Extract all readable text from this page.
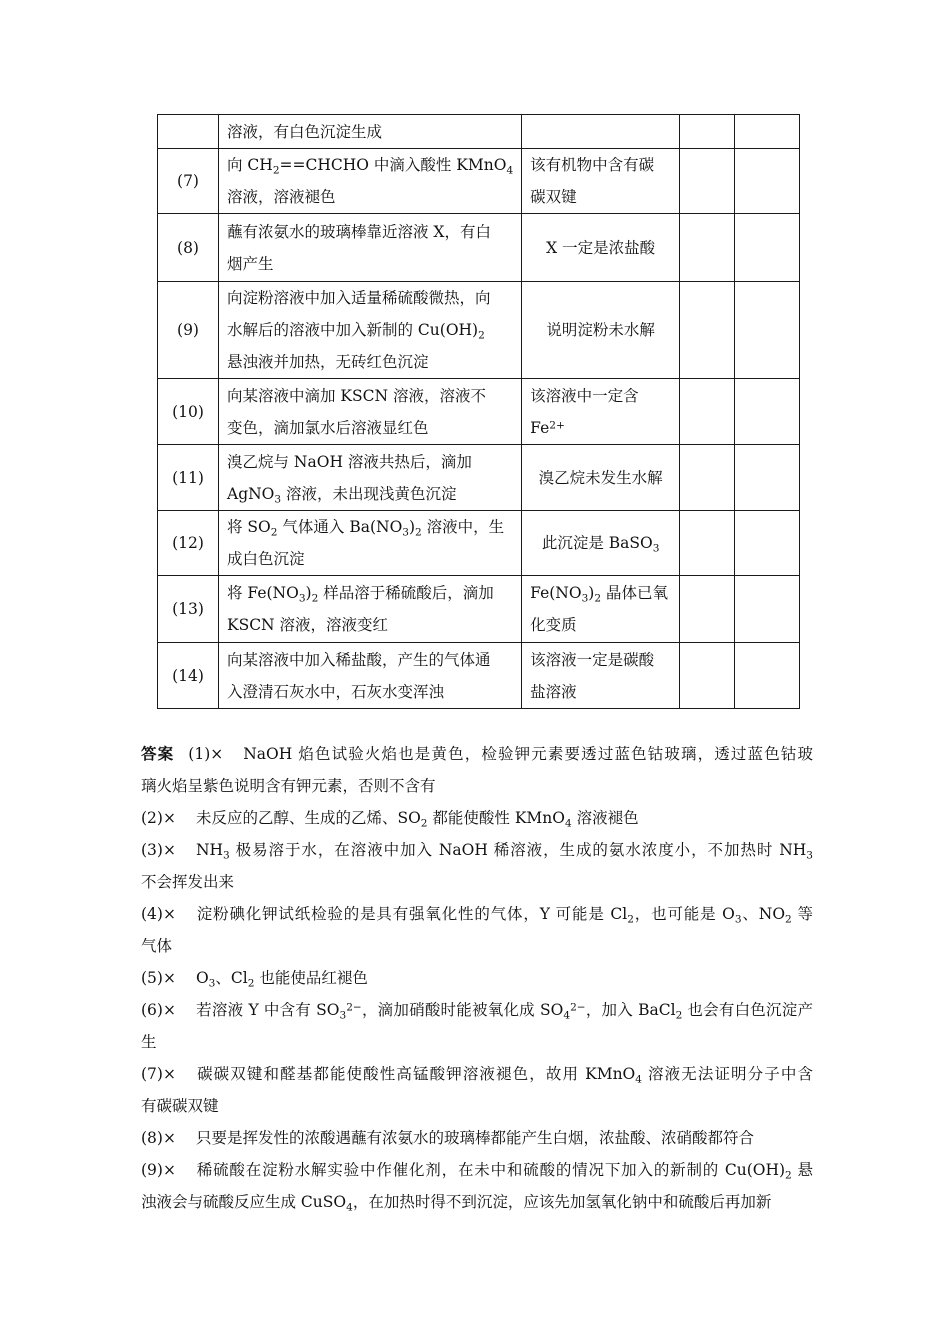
	溶液，有白色沉淀生成			

(7)	向 $CH_2==CHCHO$ 中滴入酸性 KMnO$_4$
溶液，溶液褪色	该有机物中含有碳
碳双键		

(8)	蘸有浓氨水的玻璃棒靠近溶液 X，有白
烟产生	X 一定是浓盐酸		

(9)	向淀粉溶液中加入适量稀硫酸微热，向
水解后的溶液中加入新制的 $Cu(OH)_2$
悬浊液并加热，无砖红色沉淀	说明淀粉未水解		

(10)	向某溶液中滴加 KSCN 溶液，溶液不
变色，滴加氯水后溶液显红色	该溶液中一定含
$Fe^{2+}$

(11)	溴乙烷与 NaOH 溶液共热后，滴加
AgNO$_3$ 溶液，未出现浅黄色沉淀	溴乙烷未发生水解		

(12)	将 $SO_2$ 气体通入 $Ba(NO_3)_2$ 溶液中，生
成白色沉淀	此沉淀是 BaSO$_3$

(13)	将 $Fe(NO_3)_2$ 样品溶于稀硫酸后，滴加
KSCN 溶液，溶液变红	$Fe(NO_3)_2$ 晶体已氧
化变质		

(14)	向某溶液中加入稀盐酸，产生的气体通
入澄清石灰水中，石灰水变浑浊	该溶液一定是碳酸
盐溶液		

答案 (1)× NaOH 焰色试验火焰也是黄色，检验钾元素要透过蓝色钴玻璃，透过蓝色钴玻
璃火焰呈紫色说明含有钾元素，否则不含有
(2)× 未反应的乙醇、生成的乙烯、$SO_2$ 都能使酸性 KMnO$_4$ 溶液褪色
$(3)\times NH_3$ 极易溶于水，在溶液中加入 NaOH 稀溶液，生成的氨水浓度小，不加热时 $NH_3$
不会挥发出来
(4)× 淀粉碘化钾试纸检验的是具有强氧化性的气体，Y 可能是 $Cl_2$，也可能是 $O_3$、$NO_2$ 等
气体
$(5)\times O_3$、$Cl_2$ 也能使品红褪色
(6)× 若溶液 Y 中含有 $SO_3^{2-}$，滴加硝酸时能被氧化成 $SO_4^{2-}$，加入 BaCl$_2$ 也会有白色沉淀产
生
(7)× 碳碳双键和醛基都能使酸性高锰酸钾溶液褪色，故用 KMnO$_4$ 溶液无法证明分子中含
有碳碳双键
(8)× 只要是挥发性的浓酸遇蘸有浓氨水的玻璃棒都能产生白烟，浓盐酸、浓硝酸都符合
(9)× 稀硫酸在淀粉水解实验中作催化剂，在未中和硫酸的情况下加入的新制的 $Cu(OH)_2$ 悬
浊液会与硫酸反应生成 CuSO$_4$，在加热时得不到沉淀，应该先加氢氧化钠中和硫酸后再加新
